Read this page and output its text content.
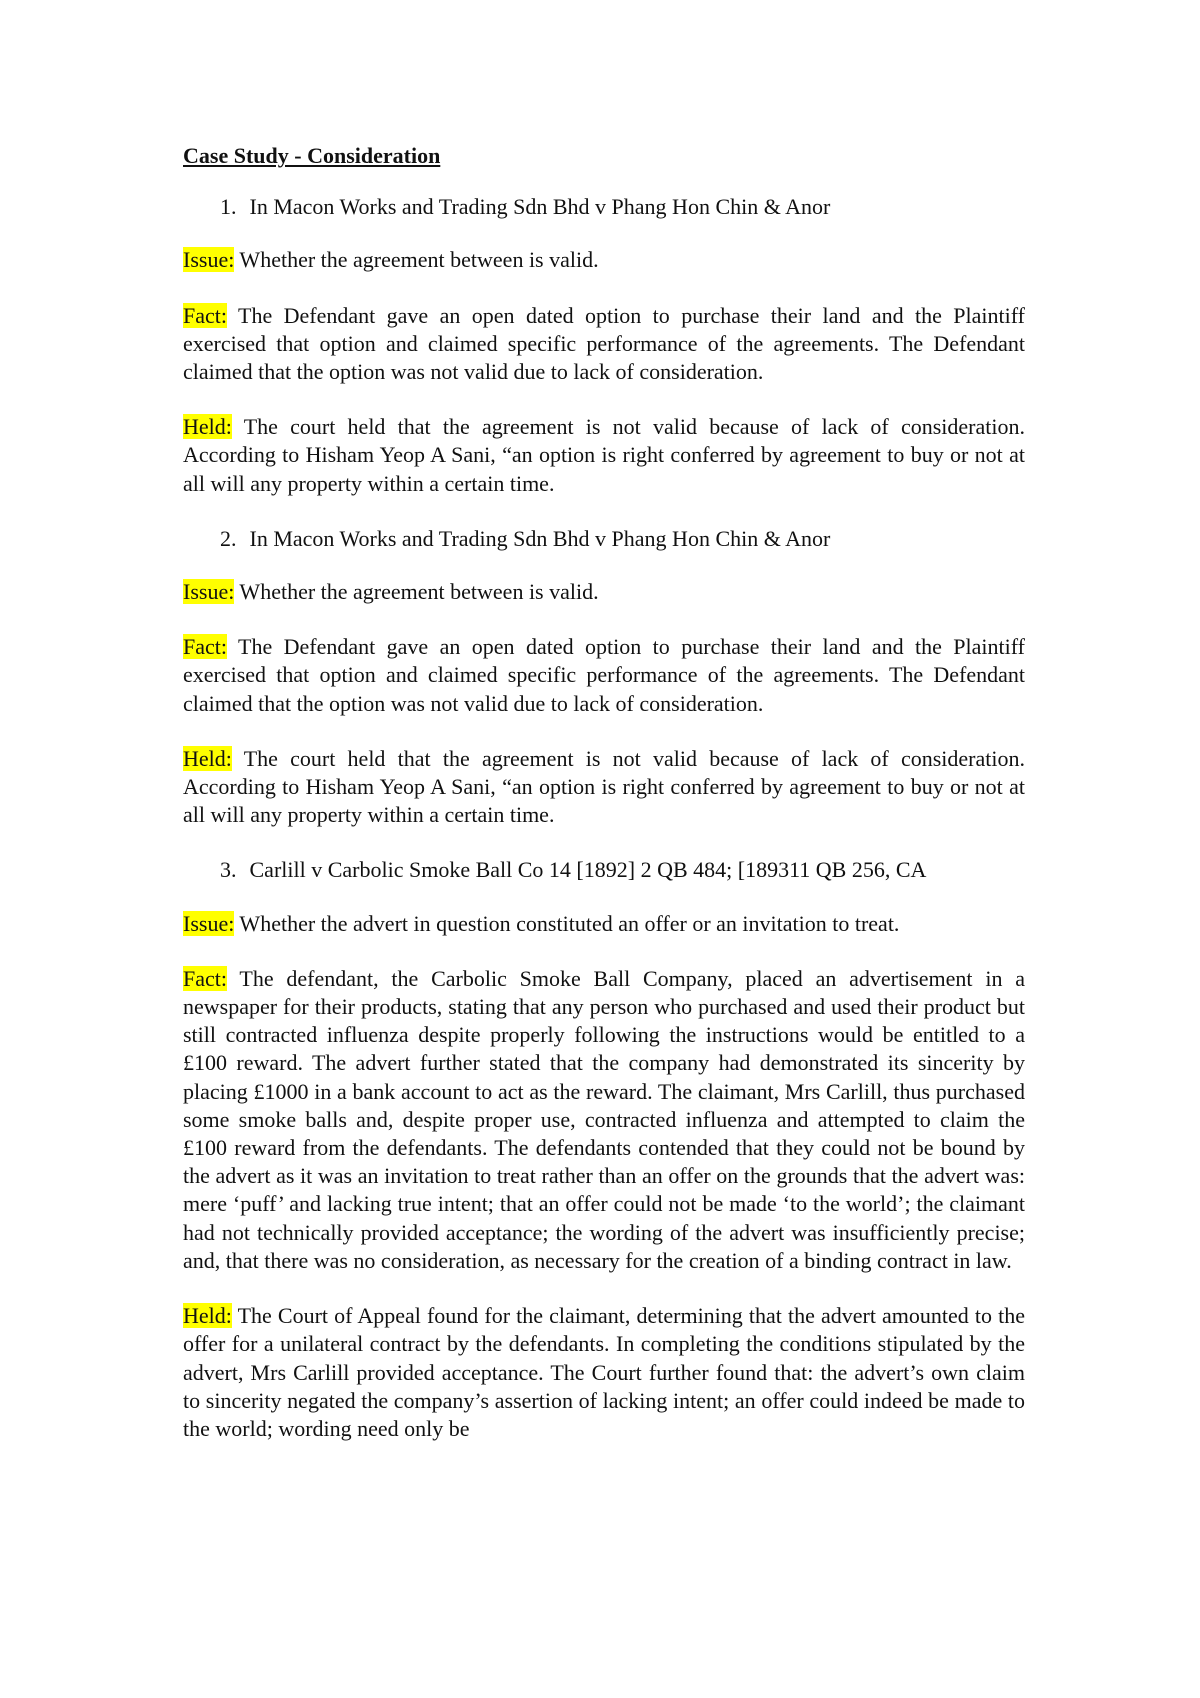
Case Study - Consideration
1. In Macon Works and Trading Sdn Bhd v Phang Hon Chin & Anor
Issue: Whether the agreement between is valid.
Fact: The Defendant gave an open dated option to purchase their land and the Plaintiff exercised that option and claimed specific performance of the agreements. The Defendant claimed that the option was not valid due to lack of consideration.
Held: The court held that the agreement is not valid because of lack of consideration. According to Hisham Yeop A Sani, “an option is right conferred by agreement to buy or not at all will any property within a certain time.
2. In Macon Works and Trading Sdn Bhd v Phang Hon Chin & Anor
Issue: Whether the agreement between is valid.
Fact: The Defendant gave an open dated option to purchase their land and the Plaintiff exercised that option and claimed specific performance of the agreements. The Defendant claimed that the option was not valid due to lack of consideration.
Held: The court held that the agreement is not valid because of lack of consideration. According to Hisham Yeop A Sani, “an option is right conferred by agreement to buy or not at all will any property within a certain time.
3. Carlill v Carbolic Smoke Ball Co 14 [1892] 2 QB 484; [189311 QB 256, CA
Issue: Whether the advert in question constituted an offer or an invitation to treat.
Fact: The defendant, the Carbolic Smoke Ball Company, placed an advertisement in a newspaper for their products, stating that any person who purchased and used their product but still contracted influenza despite properly following the instructions would be entitled to a £100 reward. The advert further stated that the company had demonstrated its sincerity by placing £1000 in a bank account to act as the reward. The claimant, Mrs Carlill, thus purchased some smoke balls and, despite proper use, contracted influenza and attempted to claim the £100 reward from the defendants. The defendants contended that they could not be bound by the advert as it was an invitation to treat rather than an offer on the grounds that the advert was: mere ‘puff’ and lacking true intent; that an offer could not be made ‘to the world’; the claimant had not technically provided acceptance; the wording of the advert was insufficiently precise; and, that there was no consideration, as necessary for the creation of a binding contract in law.
Held: The Court of Appeal found for the claimant, determining that the advert amounted to the offer for a unilateral contract by the defendants. In completing the conditions stipulated by the advert, Mrs Carlill provided acceptance. The Court further found that: the advert’s own claim to sincerity negated the company’s assertion of lacking intent; an offer could indeed be made to the world; wording need only be
